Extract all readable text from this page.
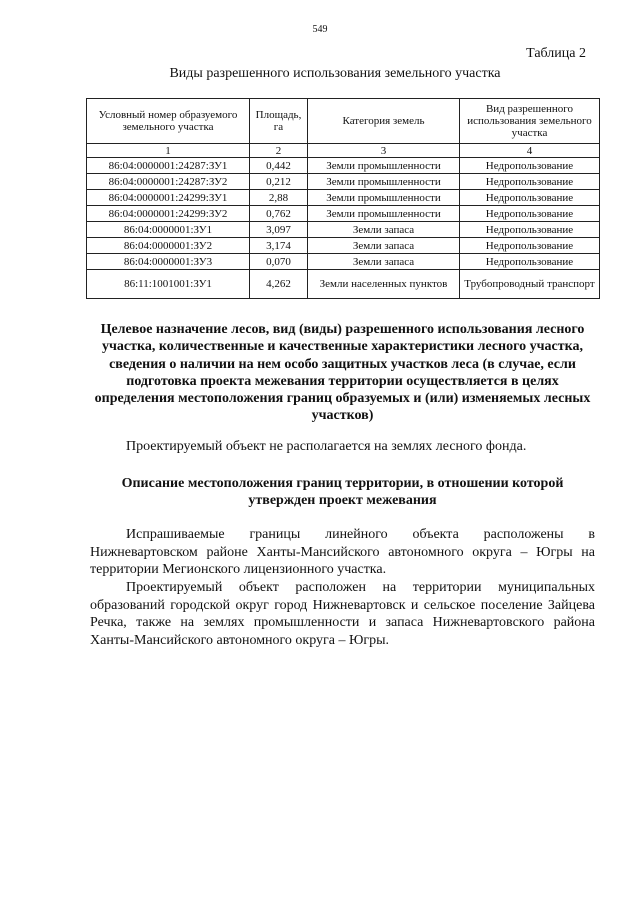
549
Таблица 2
Виды разрешенного использования земельного участка
Условный номер образуемого земельного участка	Площадь, га	Категория земель	Вид разрешенного использования земельного участка
1	2	3	4
86:04:0000001:24287:ЗУ1	0,442	Земли промышленности	Недропользование
86:04:0000001:24287:ЗУ2	0,212	Земли промышленности	Недропользование
86:04:0000001:24299:ЗУ1	2,88	Земли промышленности	Недропользование
86:04:0000001:24299:ЗУ2	0,762	Земли промышленности	Недропользование
86:04:0000001:ЗУ1	3,097	Земли запаса	Недропользование
86:04:0000001:ЗУ2	3,174	Земли запаса	Недропользование
86:04:0000001:ЗУ3	0,070	Земли запаса	Недропользование
86:11:1001001:ЗУ1	4,262	Земли населенных пунктов	Трубопроводный транспорт
Целевое назначение лесов, вид (виды) разрешенного использования лесного участка, количественные и качественные характеристики лесного участка, сведения о наличии на нем особо защитных участков леса (в случае, если подготовка проекта межевания территории осуществляется в целях определения местоположения границ образуемых и (или) изменяемых лесных участков)
Проектируемый объект не располагается на землях лесного фонда.
Описание местоположения границ территории, в отношении которой утвержден проект межевания
Испрашиваемые границы линейного объекта расположены в Нижневартовском районе Ханты-Мансийского автономного округа – Югры на территории Мегионского лицензионного участка.
Проектируемый объект расположен на территории муниципальных образований городской округ город Нижневартовск и сельское поселение Зайцева Речка, также на землях промышленности и запаса Нижневартовского района Ханты-Мансийского автономного округа – Югры.
